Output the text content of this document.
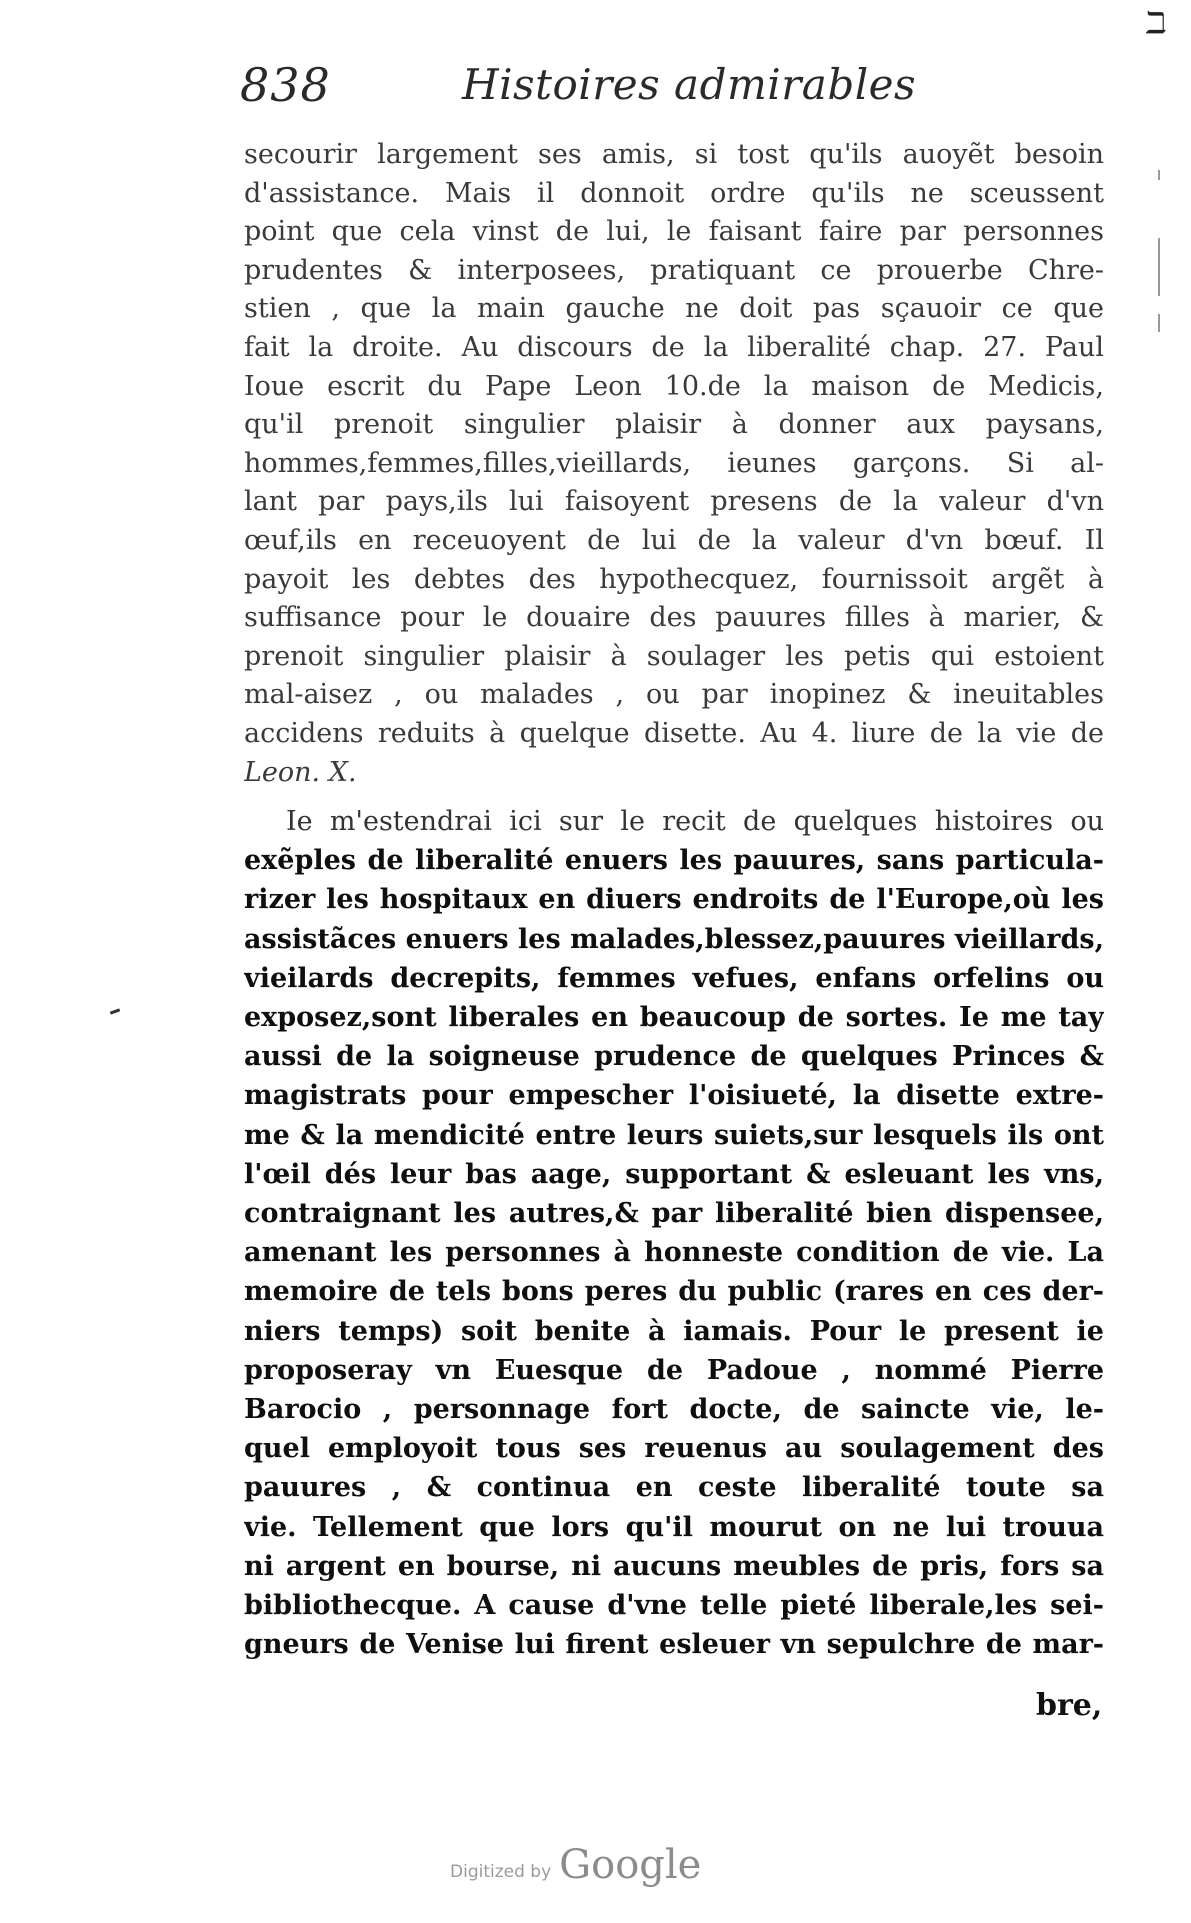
ℶ
838	Histoires admirables
secourir largement ses amis, si tost qu'ils auoyẽt besoin
d'assistance. Mais il donnoit ordre qu'ils ne sceussent
point que cela vinst de lui, le faisant faire par personnes
prudentes & interposees, pratiquant ce prouerbe Chre-
stien , que la main gauche ne doit pas sçauoir ce que
fait la droite. Au discours de la liberalité chap. 27. Paul
Ioue escrit du Pape Leon 10.de la maison de Medicis,
qu'il prenoit singulier plaisir à donner aux paysans,
hommes,femmes,filles,vieillards, ieunes garçons. Si al-
lant par pays,ils lui faisoyent presens de la valeur d'vn
œuf,ils en receuoyent de lui de la valeur d'vn bœuf. Il
payoit les debtes des hypothecquez, fournissoit argẽt à
suffisance pour le douaire des pauures filles à marier, &
prenoit singulier plaisir à soulager les petis qui estoient
mal-aisez , ou malades , ou par inopinez & ineuitables
accidens reduits à quelque disette. Au 4. liure de la vie de
Leon. X.
Ie m'estendrai ici sur le recit de quelques histoires ou
exẽples de liberalité enuers les pauures, sans particula-
rizer les hospitaux en diuers endroits de l'Europe,où les
assistãces enuers les malades,blessez,pauures vieillards,
vieilards decrepits, femmes vefues, enfans orfelins ou
exposez,sont liberales en beaucoup de sortes. Ie me tay
aussi de la soigneuse prudence de quelques Princes &
magistrats pour empescher l'oisiueté, la disette extre-
me & la mendicité entre leurs suiets,sur lesquels ils ont
l'œil dés leur bas aage, supportant & esleuant les vns,
contraignant les autres,& par liberalité bien dispensee,
amenant les personnes à honneste condition de vie. La
memoire de tels bons peres du public (rares en ces der-
niers temps) soit benite à iamais. Pour le present ie
proposeray vn Euesque de Padoue , nommé Pierre
Barocio , personnage fort docte, de saincte vie, le-
quel employoit tous ses reuenus au soulagement des
pauures , & continua en ceste liberalité toute sa
vie. Tellement que lors qu'il mourut on ne lui trouua
ni argent en bourse, ni aucuns meubles de pris, fors sa
bibliothecque. A cause d'vne telle pieté liberale,les sei-
gneurs de Venise lui firent esleuer vn sepulchre de mar-
bre,
Digitized by Google
